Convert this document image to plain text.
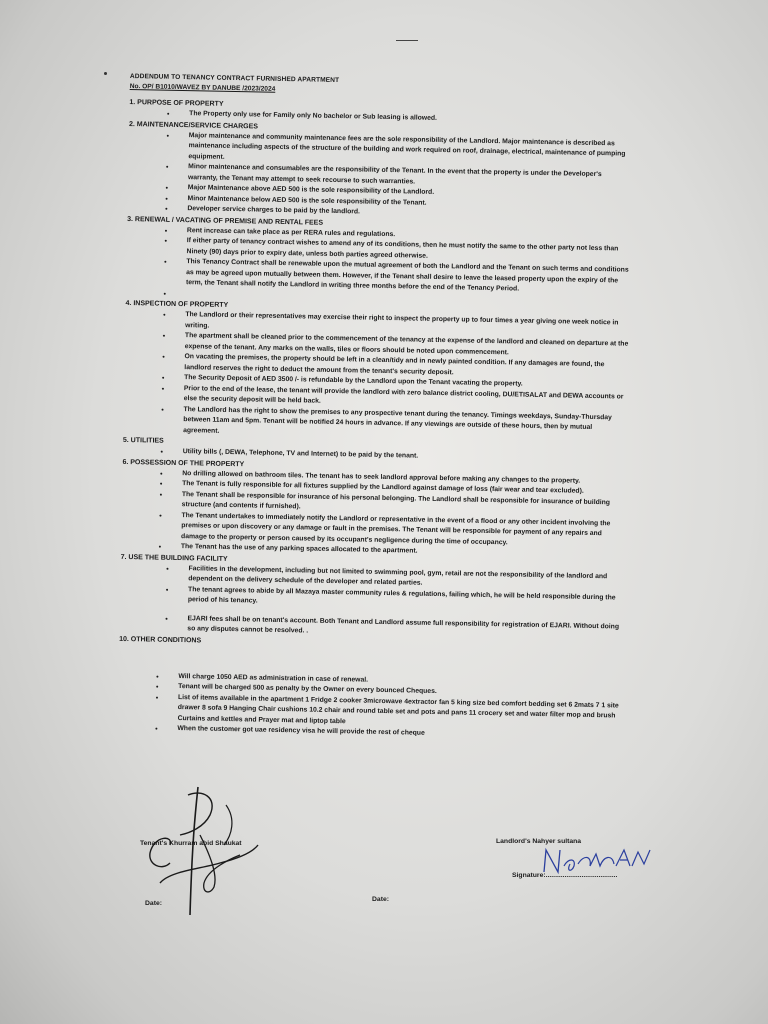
ADDENDUM TO TENANCY CONTRACT FURNISHED APARTMENT
No. OP/ B1010/WAVEZ BY DANUBE /2023/2024
1. PURPOSE OF PROPERTY
• The Property only use for Family only No bachelor or Sub leasing is allowed.
2. MAINTENANCE/SERVICE CHARGES
• Major maintenance and community maintenance fees are the sole responsibility of the Landlord. Major maintenance is described as maintenance including aspects of the structure of the building and work required on roof, drainage, electrical, maintenance of pumping equipment.
• Minor maintenance and consumables are the responsibility of the Tenant. In the event that the property is under the Developer's warranty, the Tenant may attempt to seek recourse to such warranties.
• Major Maintenance above AED 500 is the sole responsibility of the Landlord.
• Minor Maintenance below AED 500 is the sole responsibility of the Tenant.
• Developer service charges to be paid by the landlord.
3. RENEWAL / VACATING OF PREMISE AND RENTAL FEES
• Rent increase can take place as per RERA rules and regulations.
• If either party of tenancy contract wishes to amend any of its conditions, then he must notify the same to the other party not less than Ninety (90) days prior to expiry date, unless both parties agreed otherwise.
• This Tenancy Contract shall be renewable upon the mutual agreement of both the Landlord and the Tenant on such terms and conditions as may be agreed upon mutually between them. However, if the Tenant shall desire to leave the leased property upon the expiry of the term, the Tenant shall notify the Landlord in writing three months before the end of the Tenancy Period.
•
4. INSPECTION OF PROPERTY
• The Landlord or their representatives may exercise their right to inspect the property up to four times a year giving one week notice in writing.
• The apartment shall be cleaned prior to the commencement of the tenancy at the expense of the landlord and cleaned on departure at the expense of the tenant. Any marks on the walls, tiles or floors should be noted upon commencement.
• On vacating the premises, the property should be left in a clean/tidy and in newly painted condition. If any damages are found, the landlord reserves the right to deduct the amount from the tenant's security deposit.
• The Security Deposit of AED 3500 /- is refundable by the Landlord upon the Tenant vacating the property.
• Prior to the end of the lease, the tenant will provide the landlord with zero balance district cooling, DU/ETISALAT and DEWA accounts or else the security deposit will be held back.
• The Landlord has the right to show the premises to any prospective tenant during the tenancy. Timings weekdays, Sunday-Thursday between 11am and 5pm. Tenant will be notified 24 hours in advance. If any viewings are outside of these hours, then by mutual agreement.
5. UTILITIES
• Utility bills (, DEWA, Telephone, TV and Internet) to be paid by the tenant.
6. POSSESSION OF THE PROPERTY
• No drilling allowed on bathroom tiles. The tenant has to seek landlord approval before making any changes to the property.
• The Tenant is fully responsible for all fixtures supplied by the Landlord against damage of loss (fair wear and tear excluded).
• The Tenant shall be responsible for insurance of his personal belonging. The Landlord shall be responsible for insurance of building structure (and contents if furnished).
• The Tenant undertakes to immediately notify the Landlord or representative in the event of a flood or any other incident involving the premises or upon discovery or any damage or fault in the premises. The Tenant will be responsible for payment of any repairs and damage to the property or person caused by its occupant's negligence during the time of occupancy.
• The Tenant has the use of any parking spaces allocated to the apartment.
7. USE THE BUILDING FACILITY
• Facilities in the development, including but not limited to swimming pool, gym, retail are not the responsibility of the landlord and dependent on the delivery schedule of the developer and related parties.
• The tenant agrees to abide by all Mazaya master community rules & regulations, failing which, he will be held responsible during the period of his tenancy.
• EJARI fees shall be on tenant's account. Both Tenant and Landlord assume full responsibility for registration of EJARI. Without doing so any disputes cannot be resolved. .
10. OTHER CONDITIONS
• Will charge 1050 AED as administration in case of renewal.
• Tenant will be charged 500 as penalty by the Owner on every bounced Cheques.
• List of items available in the apartment 1 Fridge 2 cooker 3microwave 4extractor fan 5 king size bed comfort bedding set 6 2mats 7 1 site drawer 8 sofa 9 Hanging Chair cushions 10.2 chair and round table set and pots and pans 11 crocery set and water filter mop and brush Curtains and kettles and Prayer mat and liptop table
• When the customer got uae residency visa he will provide the rest of cheque
Tenant's Khurram abid Shaukat	Landlord's Nahyer sultana
Signature:......................................
Date:
Date:
